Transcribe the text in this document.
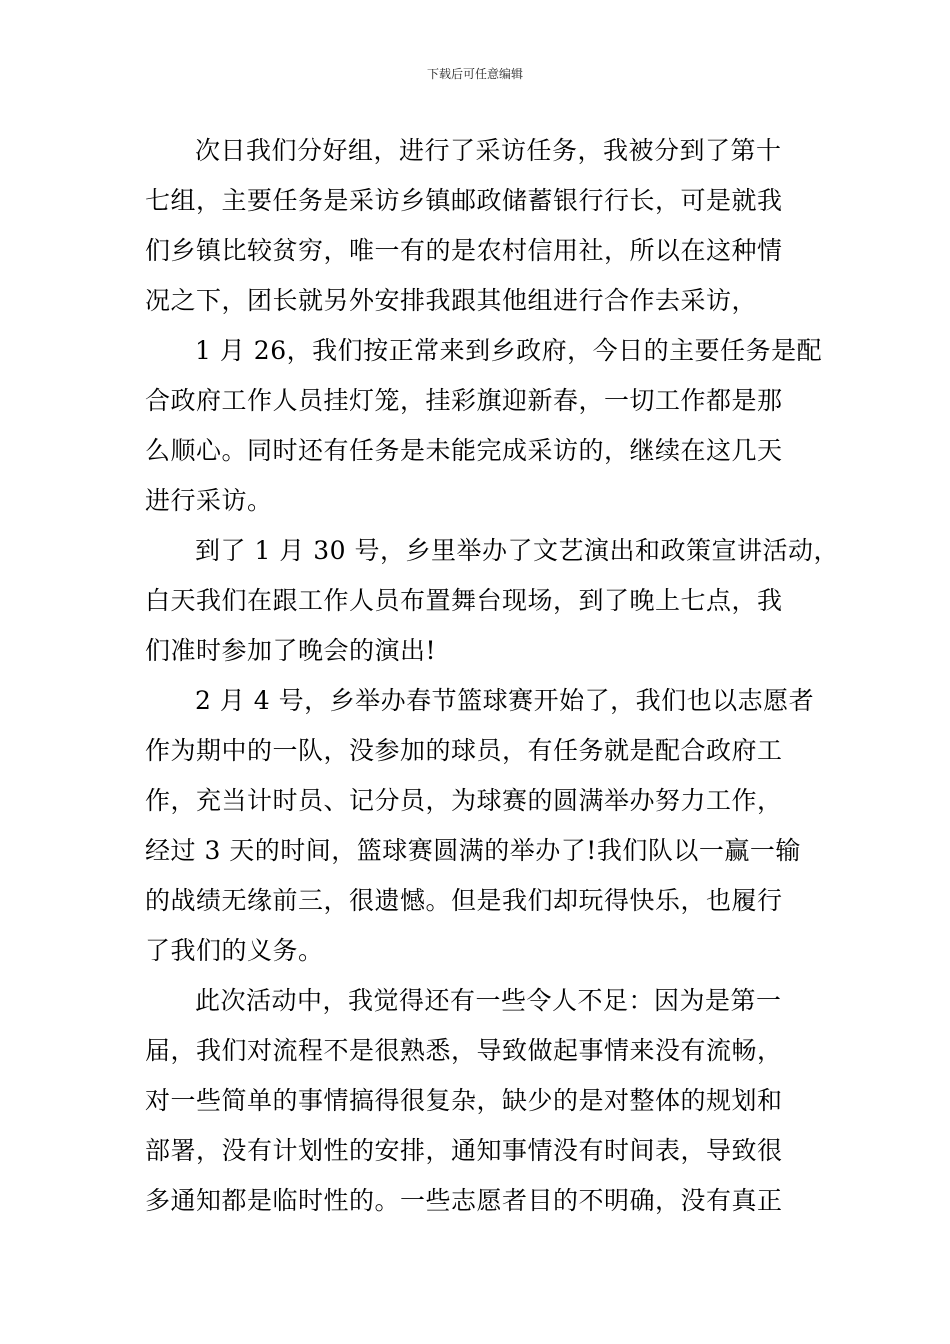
下载后可任意编辑
次日我们分好组，进行了采访任务，我被分到了第十
七组，主要任务是采访乡镇邮政储蓄银行行长，可是就我
们乡镇比较贫穷，唯一有的是农村信用社，所以在这种情
况之下，团长就另外安排我跟其他组进行合作去采访，
1 月 26，我们按正常来到乡政府，今日的主要任务是配
合政府工作人员挂灯笼，挂彩旗迎新春，一切工作都是那
么顺心。同时还有任务是未能完成采访的，继续在这几天
进行采访。
到了 1 月 30 号，乡里举办了文艺演出和政策宣讲活动，
白天我们在跟工作人员布置舞台现场，到了晚上七点，我
们准时参加了晚会的演出!
2 月 4 号，乡举办春节篮球赛开始了，我们也以志愿者
作为期中的一队，没参加的球员，有任务就是配合政府工
作，充当计时员、记分员，为球赛的圆满举办努力工作，
经过 3 天的时间，篮球赛圆满的举办了!我们队以一赢一输
的战绩无缘前三，很遗憾。但是我们却玩得快乐，也履行
了我们的义务。
此次活动中，我觉得还有一些令人不足：因为是第一
届，我们对流程不是很熟悉，导致做起事情来没有流畅，
对一些简单的事情搞得很复杂，缺少的是对整体的规划和
部署，没有计划性的安排，通知事情没有时间表，导致很
多通知都是临时性的。一些志愿者目的不明确，没有真正
